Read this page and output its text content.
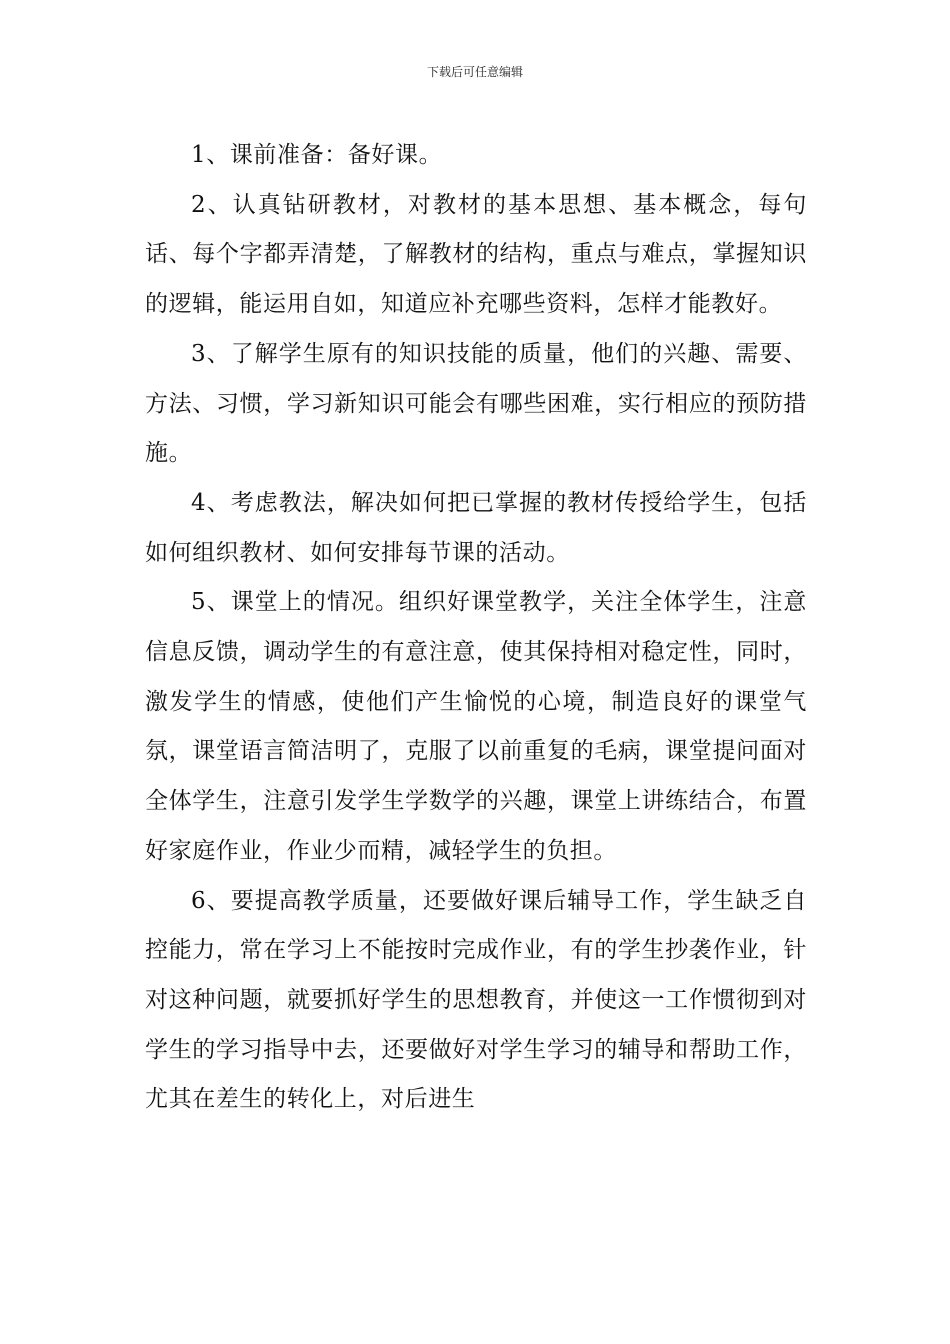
下载后可任意编辑

1、课前准备：备好课。

2、认真钻研教材，对教材的基本思想、基本概念，每句话、每个字都弄清楚，了解教材的结构，重点与难点，掌握知识的逻辑，能运用自如，知道应补充哪些资料，怎样才能教好。

3、了解学生原有的知识技能的质量，他们的兴趣、需要、方法、习惯，学习新知识可能会有哪些困难，实行相应的预防措施。

4、考虑教法，解决如何把已掌握的教材传授给学生，包括如何组织教材、如何安排每节课的活动。

5、课堂上的情况。组织好课堂教学，关注全体学生，注意信息反馈，调动学生的有意注意，使其保持相对稳定性，同时，激发学生的情感，使他们产生愉悦的心境，制造良好的课堂气氛，课堂语言简洁明了，克服了以前重复的毛病，课堂提问面对全体学生，注意引发学生学数学的兴趣，课堂上讲练结合，布置好家庭作业，作业少而精，减轻学生的负担。

6、要提高教学质量，还要做好课后辅导工作，学生缺乏自控能力，常在学习上不能按时完成作业，有的学生抄袭作业，针对这种问题，就要抓好学生的思想教育，并使这一工作惯彻到对学生的学习指导中去，还要做好对学生学习的辅导和帮助工作，尤其在差生的转化上，对后进生
